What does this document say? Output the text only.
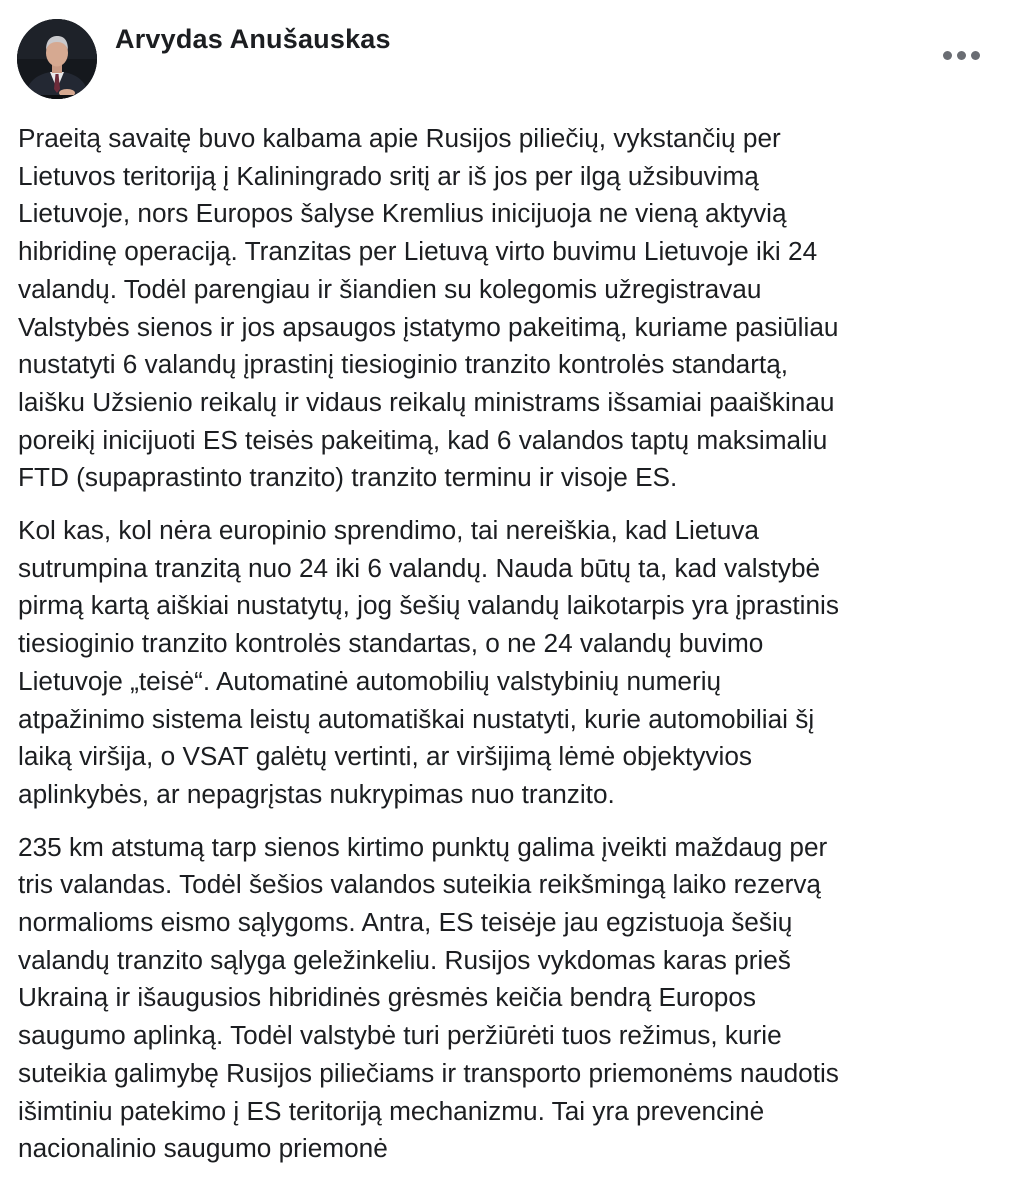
Arvydas Anušauskas

Praeitą savaitę buvo kalbama apie Rusijos piliečių, vykstančių per
Lietuvos teritoriją į Kaliningrado sritį ar iš jos per ilgą užsibuvimą
Lietuvoje, nors Europos šalyse Kremlius inicijuoja ne vieną aktyvią
hibridinę operaciją. Tranzitas per Lietuvą virto buvimu Lietuvoje iki 24
valandų. Todėl parengiau ir šiandien su kolegomis užregistravau
Valstybės sienos ir jos apsaugos įstatymo pakeitimą, kuriame pasiūliau
nustatyti 6 valandų įprastinį tiesioginio tranzito kontrolės standartą,
laišku Užsienio reikalų ir vidaus reikalų ministrams išsamiai paaiškinau
poreikį inicijuoti ES teisės pakeitimą, kad 6 valandos taptų maksimaliu
FTD (supaprastinto tranzito) tranzito terminu ir visoje ES.

Kol kas, kol nėra europinio sprendimo, tai nereiškia, kad Lietuva
sutrumpina tranzitą nuo 24 iki 6 valandų. Nauda būtų ta, kad valstybė
pirmą kartą aiškiai nustatytų, jog šešių valandų laikotarpis yra įprastinis
tiesioginio tranzito kontrolės standartas, o ne 24 valandų buvimo
Lietuvoje „teisė“. Automatinė automobilių valstybinių numerių
atpažinimo sistema leistų automatiškai nustatyti, kurie automobiliai šį
laiką viršija, o VSAT galėtų vertinti, ar viršijimą lėmė objektyvios
aplinkybės, ar nepagrįstas nukrypimas nuo tranzito.

235 km atstumą tarp sienos kirtimo punktų galima įveikti maždaug per
tris valandas. Todėl šešios valandos suteikia reikšmingą laiko rezervą
normalioms eismo sąlygoms. Antra, ES teisėje jau egzistuoja šešių
valandų tranzito sąlyga geležinkeliu. Rusijos vykdomas karas prieš
Ukrainą ir išaugusios hibridinės grėsmės keičia bendrą Europos
saugumo aplinką. Todėl valstybė turi peržiūrėti tuos režimus, kurie
suteikia galimybę Rusijos piliečiams ir transporto priemonėms naudotis
išimtiniu patekimo į ES teritoriją mechanizmu. Tai yra prevencinė
nacionalinio saugumo priemonė
